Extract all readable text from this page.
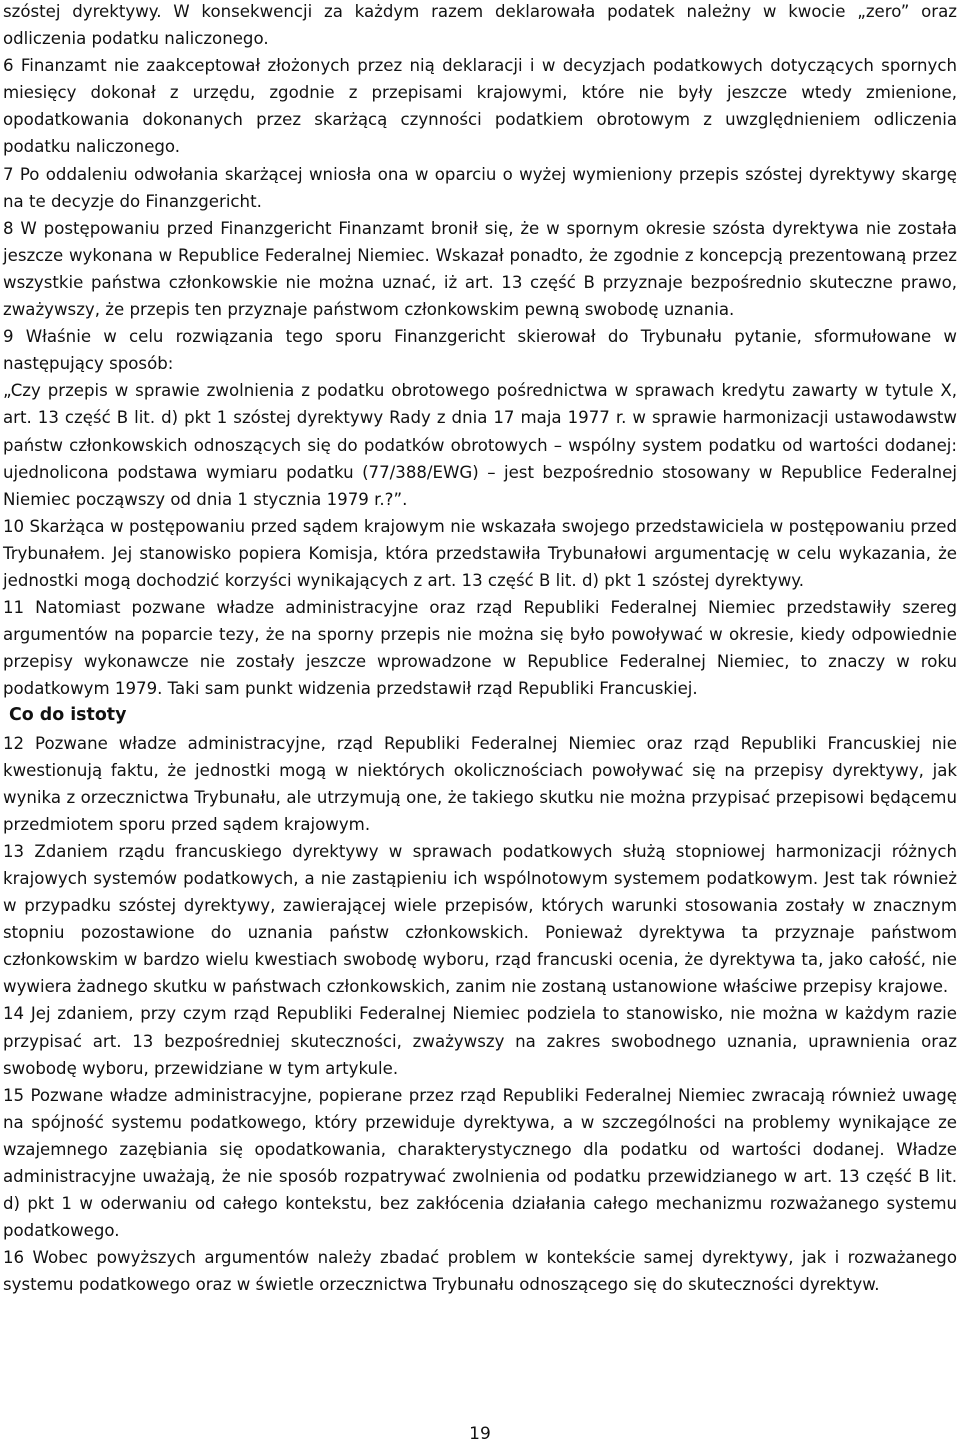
szóstej dyrektywy. W konsekwencji za każdym razem deklarowała podatek należny w kwocie „zero” oraz odliczenia podatku naliczonego.

6 Finanzamt nie zaakceptował złożonych przez nią deklaracji i w decyzjach podatkowych dotyczących spornych miesięcy dokonał z urzędu, zgodnie z przepisami krajowymi, które nie były jeszcze wtedy zmienione, opodatkowania dokonanych przez skarżącą czynności podatkiem obrotowym z uwzględnieniem odliczenia podatku naliczonego.

7 Po oddaleniu odwołania skarżącej wniosła ona w oparciu o wyżej wymieniony przepis szóstej dyrektywy skargę na te decyzje do Finanzgericht.

8 W postępowaniu przed Finanzgericht Finanzamt bronił się, że w spornym okresie szósta dyrektywa nie została jeszcze wykonana w Republice Federalnej Niemiec. Wskazał ponadto, że zgodnie z koncepcją prezentowaną przez wszystkie państwa członkowskie nie można uznać, iż art. 13 część B przyznaje bezpośrednio skuteczne prawo, zważywszy, że przepis ten przyznaje państwom członkowskim pewną swobodę uznania.

9 Właśnie w celu rozwiązania tego sporu Finanzgericht skierował do Trybunału pytanie, sformułowane w następujący sposób:

„Czy przepis w sprawie zwolnienia z podatku obrotowego pośrednictwa w sprawach kredytu zawarty w tytule X, art. 13 część B lit. d) pkt 1 szóstej dyrektywy Rady z dnia 17 maja 1977 r. w sprawie harmonizacji ustawodawstw państw członkowskich odnoszących się do podatków obrotowych – wspólny system podatku od wartości dodanej: ujednolicona podstawa wymiaru podatku (77/388/EWG) – jest bezpośrednio stosowany w Republice Federalnej Niemiec począwszy od dnia 1 stycznia 1979 r.?”.

10 Skarżąca w postępowaniu przed sądem krajowym nie wskazała swojego przedstawiciela w postępowaniu przed Trybunałem. Jej stanowisko popiera Komisja, która przedstawiła Trybunałowi argumentację w celu wykazania, że jednostki mogą dochodzić korzyści wynikających z art. 13 część B lit. d) pkt 1 szóstej dyrektywy.

11 Natomiast pozwane władze administracyjne oraz rząd Republiki Federalnej Niemiec przedstawiły szereg argumentów na poparcie tezy, że na sporny przepis nie można się było powoływać w okresie, kiedy odpowiednie przepisy wykonawcze nie zostały jeszcze wprowadzone w Republice Federalnej Niemiec, to znaczy w roku podatkowym 1979. Taki sam punkt widzenia przedstawił rząd Republiki Francuskiej.

Co do istoty

12 Pozwane władze administracyjne, rząd Republiki Federalnej Niemiec oraz rząd Republiki Francuskiej nie kwestionują faktu, że jednostki mogą w niektórych okolicznościach powoływać się na przepisy dyrektywy, jak wynika z orzecznictwa Trybunału, ale utrzymują one, że takiego skutku nie można przypisać przepisowi będącemu przedmiotem sporu przed sądem krajowym.

13 Zdaniem rządu francuskiego dyrektywy w sprawach podatkowych służą stopniowej harmonizacji różnych krajowych systemów podatkowych, a nie zastąpieniu ich wspólnotowym systemem podatkowym. Jest tak również w przypadku szóstej dyrektywy, zawierającej wiele przepisów, których warunki stosowania zostały w znacznym stopniu pozostawione do uznania państw członkowskich. Ponieważ dyrektywa ta przyznaje państwom członkowskim w bardzo wielu kwestiach swobodę wyboru, rząd francuski ocenia, że dyrektywa ta, jako całość, nie wywiera żadnego skutku w państwach członkowskich, zanim nie zostaną ustanowione właściwe przepisy krajowe.

14 Jej zdaniem, przy czym rząd Republiki Federalnej Niemiec podziela to stanowisko, nie można w każdym razie przypisać art. 13 bezpośredniej skuteczności, zważywszy na zakres swobodnego uznania, uprawnienia oraz swobodę wyboru, przewidziane w tym artykule.

15 Pozwane władze administracyjne, popierane przez rząd Republiki Federalnej Niemiec zwracają również uwagę na spójność systemu podatkowego, który przewiduje dyrektywa, a w szczególności na problemy wynikające ze wzajemnego zazębiania się opodatkowania, charakterystycznego dla podatku od wartości dodanej. Władze administracyjne uważają, że nie sposób rozpatrywać zwolnienia od podatku przewidzianego w art. 13 część B lit. d) pkt 1 w oderwaniu od całego kontekstu, bez zakłócenia działania całego mechanizmu rozważanego systemu podatkowego.

16 Wobec powyższych argumentów należy zbadać problem w kontekście samej dyrektywy, jak i rozważanego systemu podatkowego oraz w świetle orzecznictwa Trybunału odnoszącego się do skuteczności dyrektyw.

19
